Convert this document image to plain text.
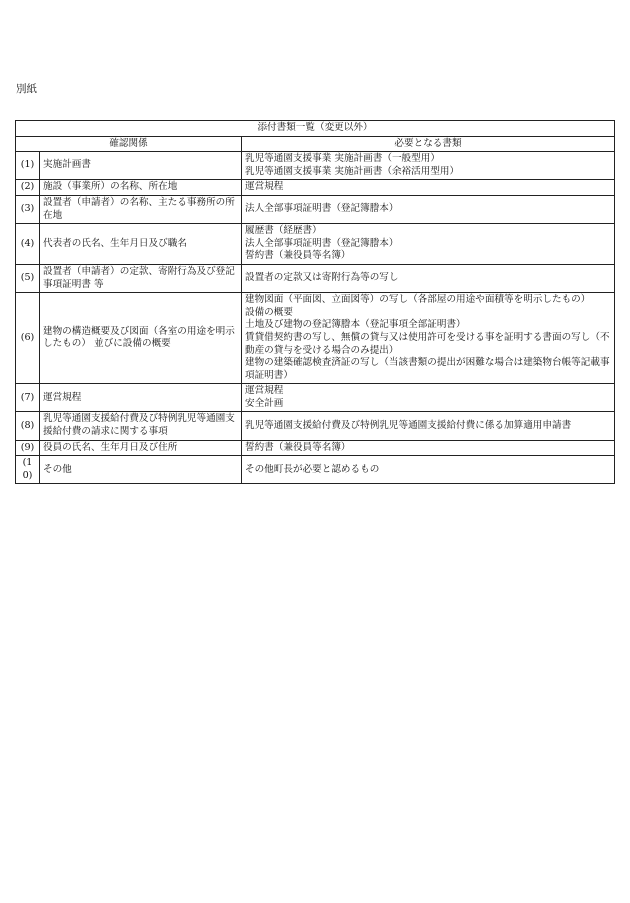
別紙
添付書類一覧（変更以外）		
確認関係		必要となる書類
(1)	実施計画書	乳児等通園支援事業 実施計画書（一般型用）
乳児等通園支援事業 実施計画書（余裕活用型用）

(2)	施設（事業所）の名称、所在地	運営規程

(3)	設置者（申請者）の名称、主たる事務所の所在地	法人全部事項証明書（登記簿謄本）

(4)	代表者の氏名、生年月日及び職名	履歴書（経歴書）
法人全部事項証明書（登記簿謄本）
誓約書（兼役員等名簿）

(5)	設置者（申請者）の定款、寄附行為及び登記事項証明書 等	設置者の定款又は寄附行為等の写し

(6)	建物の構造概要及び図面（各室の用途を明示したもの） 並びに設備の概要	建物図面（平面図、立面図等）の写し（各部屋の用途や面積等を明示したもの）
設備の概要
土地及び建物の登記簿謄本（登記事項全部証明書）
賃貸借契約書の写し、無償の貸与又は使用許可を受ける事を証明する書面の写し（不動産の貸与を受ける場合のみ提出）
建物の建築確認検査済証の写し（当該書類の提出が困難な場合は建築物台帳等記載事項証明書）

(7)	運営規程	運営規程
安全計画

(8)	乳児等通園支援給付費及び特例乳児等通園支援給付費の請求に関する事項	乳児等通園支援給付費及び特例乳児等通園支援給付費に係る加算適用申請書

(9)	役員の氏名、生年月日及び住所	誓約書（兼役員等名簿）

(10)	その他	その他町長が必要と認めるもの
